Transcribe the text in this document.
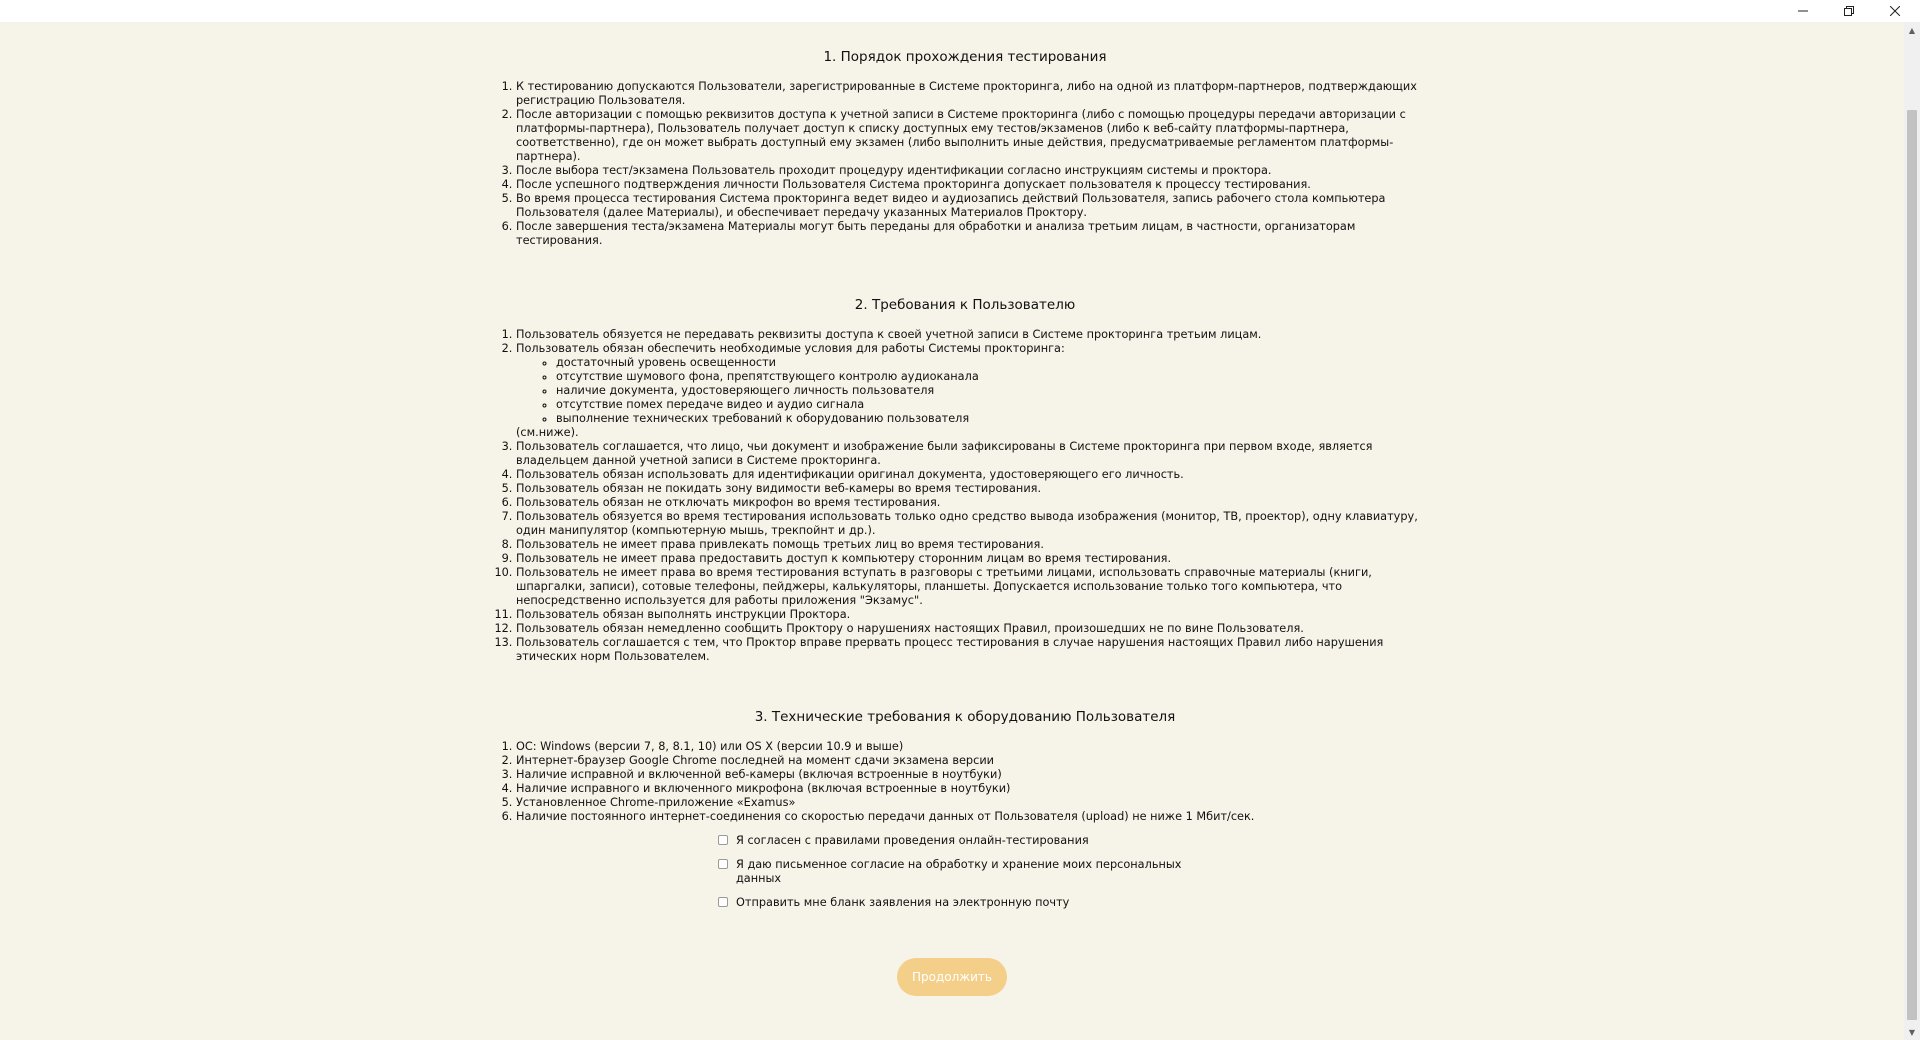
1. Порядок прохождения тестирования
1. К тестированию допускаются Пользователи, зарегистрированные в Системе прокторинга, либо на одной из платформ-партнеров, подтверждающих регистрацию Пользователя.
2. После авторизации с помощью реквизитов доступа к учетной записи в Системе прокторинга (либо с помощью процедуры передачи авторизации с платформы-партнера), Пользователь получает доступ к списку доступных ему тестов/экзаменов (либо к веб-сайту платформы-партнера, соответственно), где он может выбрать доступный ему экзамен (либо выполнить иные действия, предусматриваемые регламентом платформы-партнера).
3. После выбора тест/экзамена Пользователь проходит процедуру идентификации согласно инструкциям системы и проктора.
4. После успешного подтверждения личности Пользователя Система прокторинга допускает пользователя к процессу тестирования.
5. Во время процесса тестирования Система прокторинга ведет видео и аудиозапись действий Пользователя, запись рабочего стола компьютера Пользователя (далее Материалы), и обеспечивает передачу указанных Материалов Проктору.
6. После завершения теста/экзамена Материалы могут быть переданы для обработки и анализа третьим лицам, в частности, организаторам тестирования.
2. Требования к Пользователю
1. Пользователь обязуется не передавать реквизиты доступа к своей учетной записи в Системе прокторинга третьим лицам.
2. Пользователь обязан обеспечить необходимые условия для работы Системы прокторинга:
◦ достаточный уровень освещенности
◦ отсутствие шумового фона, препятствующего контролю аудиоканала
◦ наличие документа, удостоверяющего личность пользователя
◦ отсутствие помех передаче видео и аудио сигнала
◦ выполнение технических требований к оборудованию пользователя
(см.ниже).
3. Пользователь соглашается, что лицо, чьи документ и изображение были зафиксированы в Системе прокторинга при первом входе, является владельцем данной учетной записи в Системе прокторинга.
4. Пользователь обязан использовать для идентификации оригинал документа, удостоверяющего его личность.
5. Пользователь обязан не покидать зону видимости веб-камеры во время тестирования.
6. Пользователь обязан не отключать микрофон во время тестирования.
7. Пользователь обязуется во время тестирования использовать только одно средство вывода изображения (монитор, ТВ, проектор), одну клавиатуру, один манипулятор (компьютерную мышь, трекпойнт и др.).
8. Пользователь не имеет права привлекать помощь третьих лиц во время тестирования.
9. Пользователь не имеет права предоставить доступ к компьютеру сторонним лицам во время тестирования.
10. Пользователь не имеет права во время тестирования вступать в разговоры с третьими лицами, использовать справочные материалы (книги, шпаргалки, записи), сотовые телефоны, пейджеры, калькуляторы, планшеты. Допускается использование только того компьютера, что непосредственно используется для работы приложения "Экзамус".
11. Пользователь обязан выполнять инструкции Проктора.
12. Пользователь обязан немедленно сообщить Проктору о нарушениях настоящих Правил, произошедших не по вине Пользователя.
13. Пользователь соглашается с тем, что Проктор вправе прервать процесс тестирования в случае нарушения настоящих Правил либо нарушения этических норм Пользователем.
3. Технические требования к оборудованию Пользователя
1. ОС: Windows (версии 7, 8, 8.1, 10) или OS X (версии 10.9 и выше)
2. Интернет-браузер Google Chrome последней на момент сдачи экзамена версии
3. Наличие исправной и включенной веб-камеры (включая встроенные в ноутбуки)
4. Наличие исправного и включенного микрофона (включая встроенные в ноутбуки)
5. Установленное Chrome-приложение «Examus»
6. Наличие постоянного интернет-соединения со скоростью передачи данных от Пользователя (upload) не ниже 1 Мбит/сек.
Я согласен с правилами проведения онлайн-тестирования
Я даю письменное согласие на обработку и хранение моих персональных данных
Отправить мне бланк заявления на электронную почту
Продолжить
▲
▼
